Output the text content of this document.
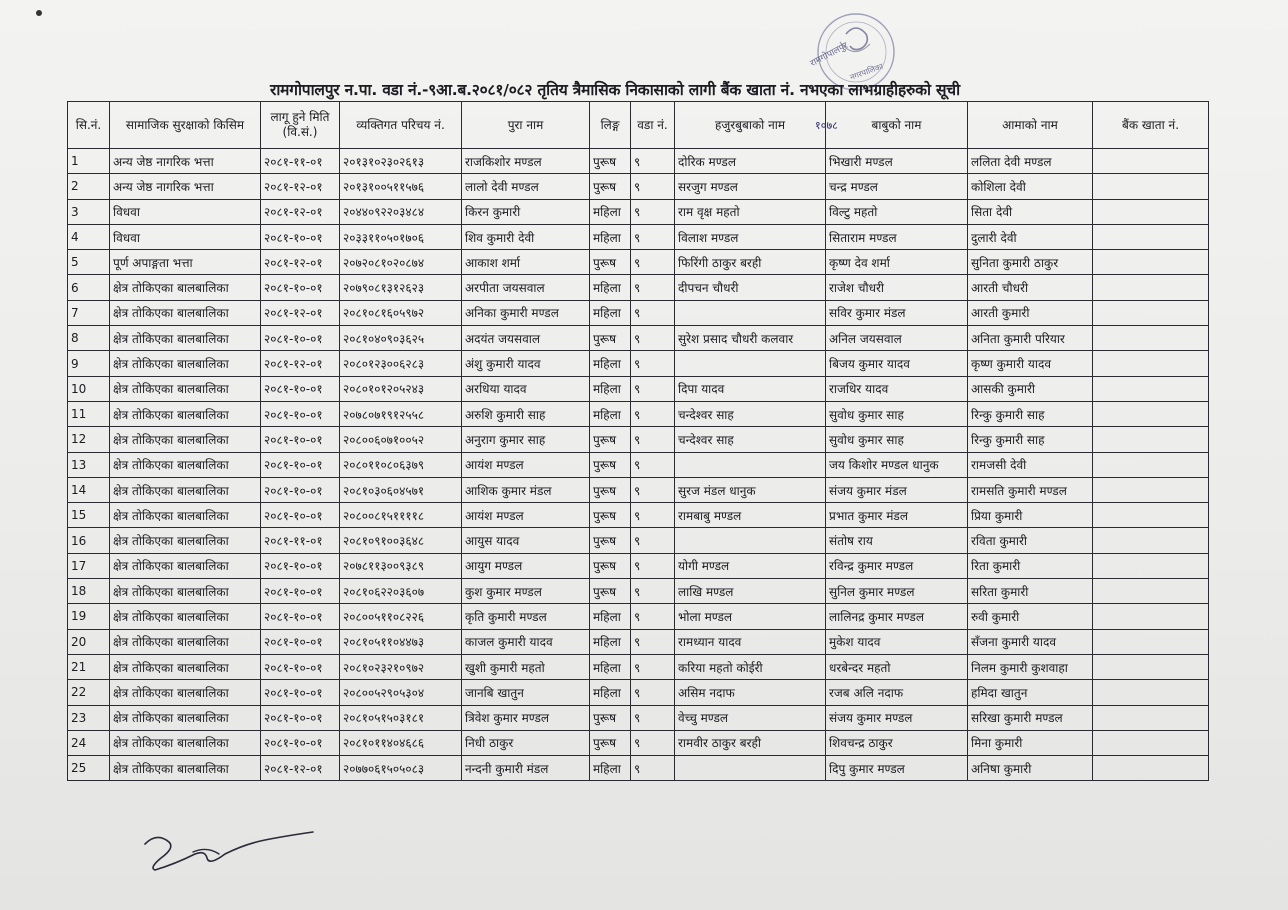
रामगोपालपुर
नगरपालिका
रामगोपालपुर न.पा. वडा नं.-९आ.ब.२०८१/०८२ तृतिय त्रैमासिक निकासाको लागी बैंक खाता नं. नभएका लाभग्राहीहरुको सूची
१०७८
सि.नं.	सामाजिक सुरक्षाको किसिम	लागू हुने मिति (वि.सं.)	व्यक्तिगत परिचय नं.	पुरा नाम	लिङ्ग	वडा नं.	हजुरबुबाको नाम	बाबुको नाम	आमाको नाम	बैंक खाता नं.
1	अन्य जेष्ठ नागरिक भत्ता	२०८१-११-०१	२०१३१०२३०२६१३	राजकिशोर मण्डल	पुरूष	९	दोरिक मण्डल	भिखारी मण्डल	ललिता देवी मण्डल	
2	अन्य जेष्ठ नागरिक भत्ता	२०८१-१२-०१	२०१३१००५११५७६	लालो देवी मण्डल	पुरूष	९	सरजुग मण्डल	चन्द्र मण्डल	कोशिला देवी	
3	विधवा	२०८१-१२-०१	२०४४०९२२०३४८४	किरन कुमारी	महिला	९	राम वृक्ष महतो	विल्टु महतो	सिता देवी	
4	विधवा	२०८१-१०-०१	२०३३११०५०१७०६	शिव कुमारी देवी	महिला	९	विलाश मण्डल	सिताराम मण्डल	दुलारी देवी	
5	पूर्ण अपाङ्गता भत्ता	२०८१-१२-०१	२०७२०८१०२०८७४	आकाश शर्मा	पुरूष	९	फिरिंगी ठाकुर बरही	कृष्ण देव शर्मा	सुनिता कुमारी ठाकुर	
6	क्षेत्र तोकिएका बालबालिका	२०८१-१०-०१	२०७९०८१३१२६२३	अरपीता जयसवाल	महिला	९	दीपचन चौधरी	राजेश चौधरी	आरती चौधरी	
7	क्षेत्र तोकिएका बालबालिका	२०८१-१२-०१	२०८१०८१६०५९७२	अनिका कुमारी मण्डल	महिला	९		सविर कुमार मंडल	आरती कुमारी	
8	क्षेत्र तोकिएका बालबालिका	२०८१-१०-०१	२०८१०४०९०३६२५	अदयंत जयसवाल	पुरूष	९	सुरेश प्रसाद चौधरी कलवार	अनिल जयसवाल	अनिता कुमारी परियार	
9	क्षेत्र तोकिएका बालबालिका	२०८१-१२-०१	२०८०१२३००६२८३	अंशु कुमारी यादव	महिला	९		बिजय कुमार यादव	कृष्ण कुमारी यादव	
10	क्षेत्र तोकिएका बालबालिका	२०८१-१०-०१	२०८०१०१२०५२४३	अरधिया यादव	महिला	९	दिपा यादव	राजधिर यादव	आसकी कुमारी	
11	क्षेत्र तोकिएका बालबालिका	२०८१-१०-०१	२०७८०७१९१२५५८	अरुशि कुमारी साह	महिला	९	चन्देश्वर साह	सुवोध कुमार साह	रिन्कु कुमारी साह	
12	क्षेत्र तोकिएका बालबालिका	२०८१-१०-०१	२०८००६०७१००५२	अनुराग कुमार साह	पुरूष	९	चन्देश्वर साह	सुवोध कुमार साह	रिन्कु कुमारी साह	
13	क्षेत्र तोकिएका बालबालिका	२०८१-१०-०१	२०८०११०८०६३७९	आयंश मण्डल	पुरूष	९		जय किशोर मण्डल धानुक	रामजसी देवी	
14	क्षेत्र तोकिएका बालबालिका	२०८१-१०-०१	२०८१०३०६०४५७१	आशिक कुमार मंडल	पुरूष	९	सुरज मंडल धानुक	संजय कुमार मंडल	रामसति कुमारी मण्डल	
15	क्षेत्र तोकिएका बालबालिका	२०८१-१०-०१	२०८००८१५११११८	आयंश मण्डल	पुरूष	९	रामबाबु मण्डल	प्रभात कुमार मंडल	प्रिया कुमारी	
16	क्षेत्र तोकिएका बालबालिका	२०८१-११-०१	२०८१०९१००३६४८	आयुस यादव	पुरूष	९		संतोष राय	रविता कुमारी	
17	क्षेत्र तोकिएका बालबालिका	२०८१-१०-०१	२०७८११३००९३८९	आयुग मण्डल	पुरूष	९	योगी मण्डल	रविन्द्र कुमार मण्डल	रिता कुमारी	
18	क्षेत्र तोकिएका बालबालिका	२०८१-१०-०१	२०८१०६२२०३६०७	कुश कुमार मण्डल	पुरूष	९	लाखि मण्डल	सुनिल कुमार मण्डल	सरिता कुमारी	
19	क्षेत्र तोकिएका बालबालिका	२०८१-१०-०१	२०८००५११०८२२६	कृति कुमारी मण्डल	महिला	९	भोला मण्डल	लालिनद्र कुमार मण्डल	रुवी कुमारी	
20	क्षेत्र तोकिएका बालबालिका	२०८१-१०-०१	२०८१०५११०४४७३	काजल कुमारी यादव	महिला	९	रामध्यान यादव	मुकेश यादव	सँजना कुमारी यादव	
21	क्षेत्र तोकिएका बालबालिका	२०८१-१०-०१	२०८१०२३२१०९७२	खुशी कुमारी महतो	महिला	९	करिया महतो कोईरी	धरबेन्दर महतो	निलम कुमारी कुशवाहा	
22	क्षेत्र तोकिएका बालबालिका	२०८१-१०-०१	२०८००५२९०५३०४	जानबि खातुन	महिला	९	असिम नदाफ	रजब अलि नदाफ	हमिदा खातुन	
23	क्षेत्र तोकिएका बालबालिका	२०८१-१०-०१	२०८१०५१५०३१८१	त्रिवेश कुमार मण्डल	पुरूष	९	वेच्चु मण्डल	संजय कुमार मण्डल	सरिखा कुमारी मण्डल	
24	क्षेत्र तोकिएका बालबालिका	२०८१-१०-०१	२०८१०११४०४६८६	निधी ठाकुर	पुरूष	९	रामवीर ठाकुर बरही	शिवचन्द्र ठाकुर	मिना कुमारी	
25	क्षेत्र तोकिएका बालबालिका	२०८१-१२-०१	२०७७०६१५०५०८३	नन्दनी कुमारी मंडल	महिला	९		दिपु कुमार मण्डल	अनिषा कुमारी	
